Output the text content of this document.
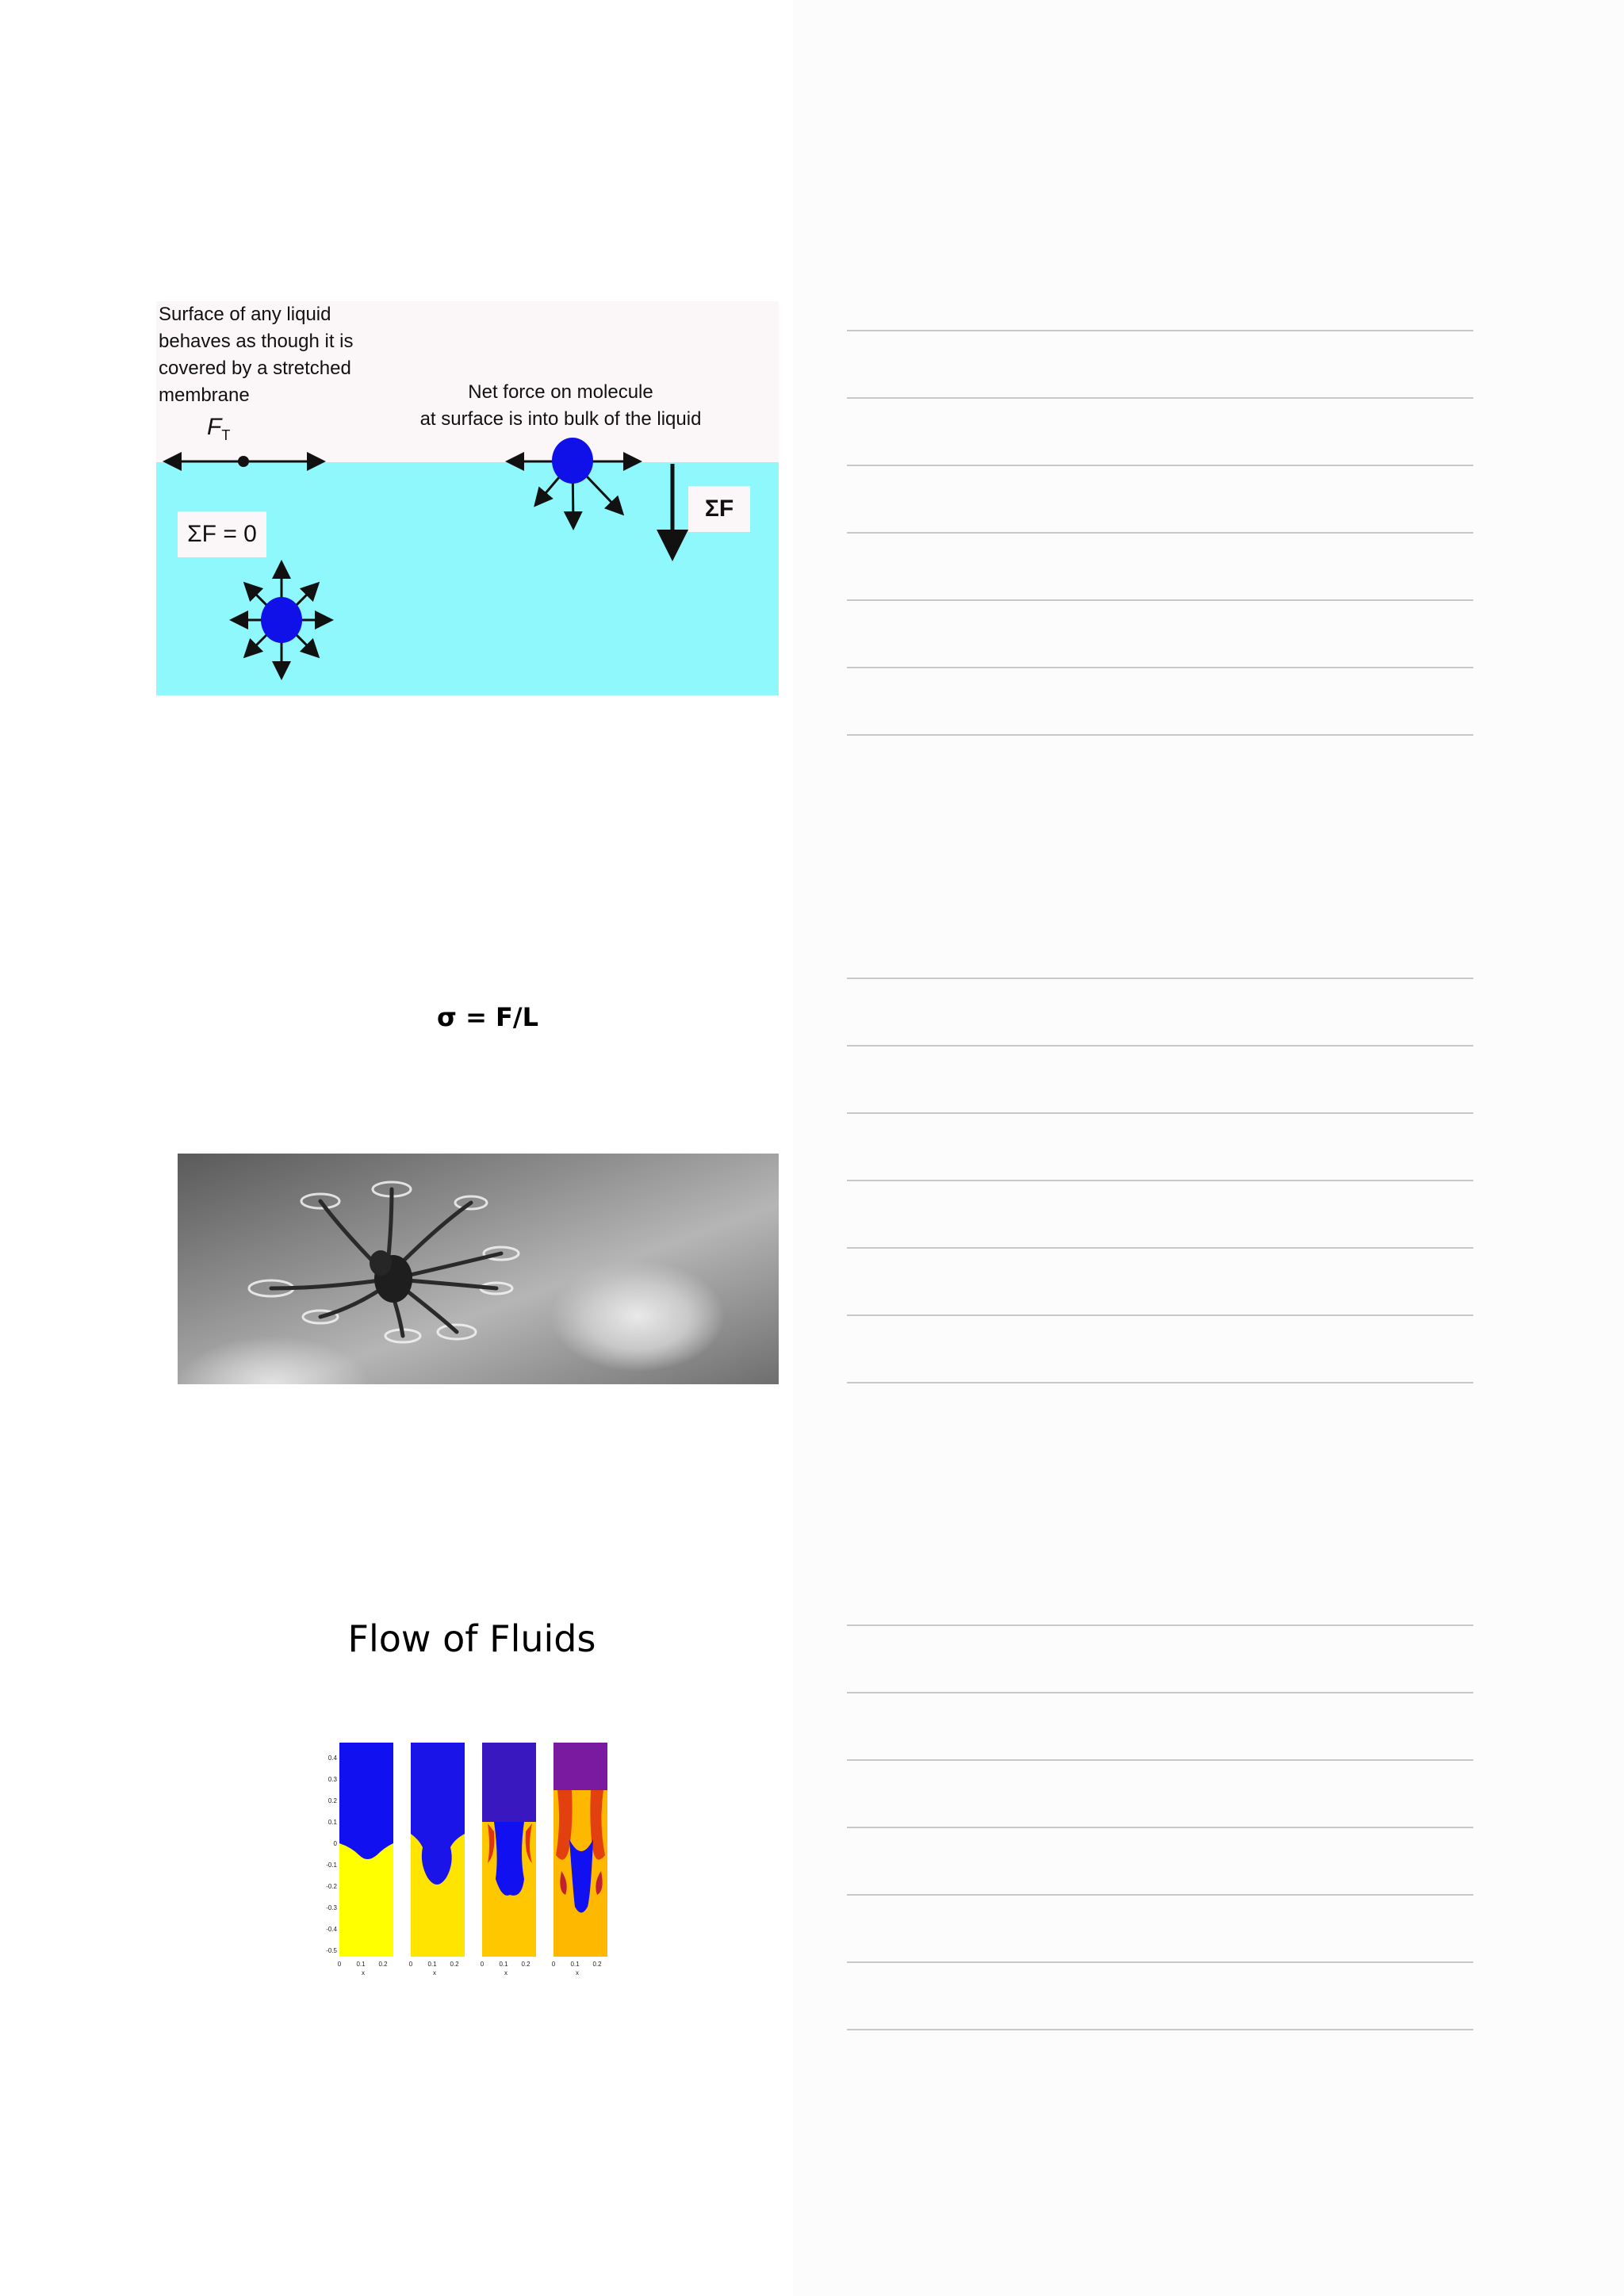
Surface of any liquid
behaves as though it is
covered by a stretched
membrane	Net force on molecule
at surface is into bulk of the liquid
$F_T$
ΣF = 0
ΣF
σ = F/L
Flow of Fluids
0.4
0.3
0.2
0.1
0
-0.1
-0.2
-0.3
-0.4
-0.5
0 0.1 0.2
x
0 0.1 0.2
x
0 0.1 0.2
x
0 0.1 0.2
x
